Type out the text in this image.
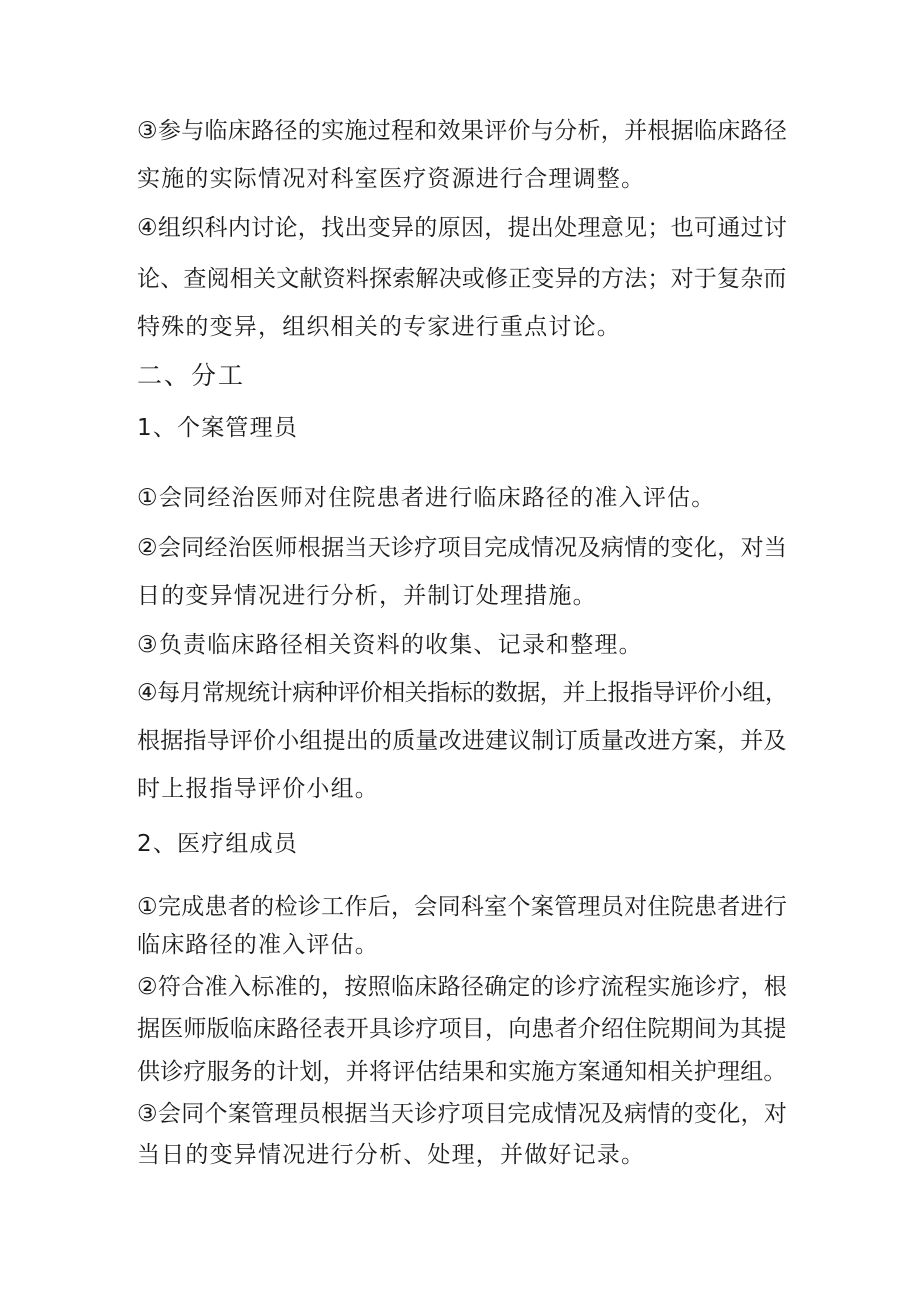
③参与临床路径的实施过程和效果评价与分析，并根据临床路径
实施的实际情况对科室医疗资源进行合理调整。
④组织科内讨论，找出变异的原因，提出处理意见；也可通过讨
论、查阅相关文献资料探索解决或修正变异的方法；对于复杂而
特殊的变异，组织相关的专家进行重点讨论。
二、分工
1、个案管理员
①会同经治医师对住院患者进行临床路径的准入评估。
②会同经治医师根据当天诊疗项目完成情况及病情的变化，对当
日的变异情况进行分析，并制订处理措施。
③负责临床路径相关资料的收集、记录和整理。
④每月常规统计病种评价相关指标的数据，并上报指导评价小组，
根据指导评价小组提出的质量改进建议制订质量改进方案，并及
时上报指导评价小组。
2、医疗组成员
①完成患者的检诊工作后，会同科室个案管理员对住院患者进行
临床路径的准入评估。
②符合准入标准的，按照临床路径确定的诊疗流程实施诊疗，根
据医师版临床路径表开具诊疗项目，向患者介绍住院期间为其提
供诊疗服务的计划，并将评估结果和实施方案通知相关护理组。
③会同个案管理员根据当天诊疗项目完成情况及病情的变化，对
当日的变异情况进行分析、处理，并做好记录。
